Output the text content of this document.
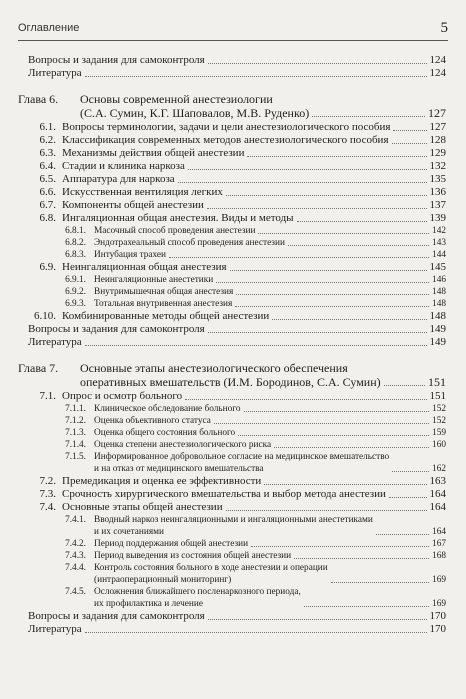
Оглавление	5
Вопросы и задания для самоконтроля	124
Литература	124
Глава 6.	Основы современной анестезиологии
(С.А. Сумин, К.Г. Шаповалов, М.В. Руденко)	127
6.1. Вопросы терминологии, задачи и цели анестезиологического пособия	127
6.2. Классификация современных методов анестезиологического пособия	128
6.3. Механизмы действия общей анестезии	129
6.4. Стадии и клиника наркоза	132
6.5. Аппаратура для наркоза	135
6.6. Искусственная вентиляция легких	136
6.7. Компоненты общей анестезии	137
6.8. Ингаляционная общая анестезия. Виды и методы	139
6.8.1. Масочный способ проведения анестезии	142
6.8.2. Эндотрахеальный способ проведения анестезии	143
6.8.3. Интубация трахеи	144
6.9. Неингаляционная общая анестезия	145
6.9.1. Неингаляционные анестетики	146
6.9.2. Внутримышечная общая анестезия	148
6.9.3. Тотальная внутривенная анестезия	148
6.10. Комбинированные методы общей анестезии	148
Вопросы и задания для самоконтроля	149
Литература	149
Глава 7.	Основные этапы анестезиологического обеспечения
оперативных вмешательств (И.М. Бородинов, С.А. Сумин)	151
7.1. Опрос и осмотр больного	151
7.1.1. Клиническое обследование больного	152
7.1.2. Оценка объективного статуса	152
7.1.3. Оценка общего состояния больного	159
7.1.4. Оценка степени анестезиологического риска	160
7.1.5. Информированное добровольное согласие на медицинское вмешательство
и на отказ от медицинского вмешательства	162
7.2. Премедикация и оценка ее эффективности	163
7.3. Срочность хирургического вмешательства и выбор метода анестезии	164
7.4. Основные этапы общей анестезии	164
7.4.1. Вводный наркоз неингаляционными и ингаляционными анестетиками
и их сочетаниями	164
7.4.2. Период поддержания общей анестезии	167
7.4.3. Период выведения из состояния общей анестезии	168
7.4.4. Контроль состояния больного в ходе анестезии и операции
(интраоперационный мониторинг)	169
7.4.5. Осложнения ближайшего посленаркозного периода,
их профилактика и лечение	169
Вопросы и задания для самоконтроля	170
Литература	170
